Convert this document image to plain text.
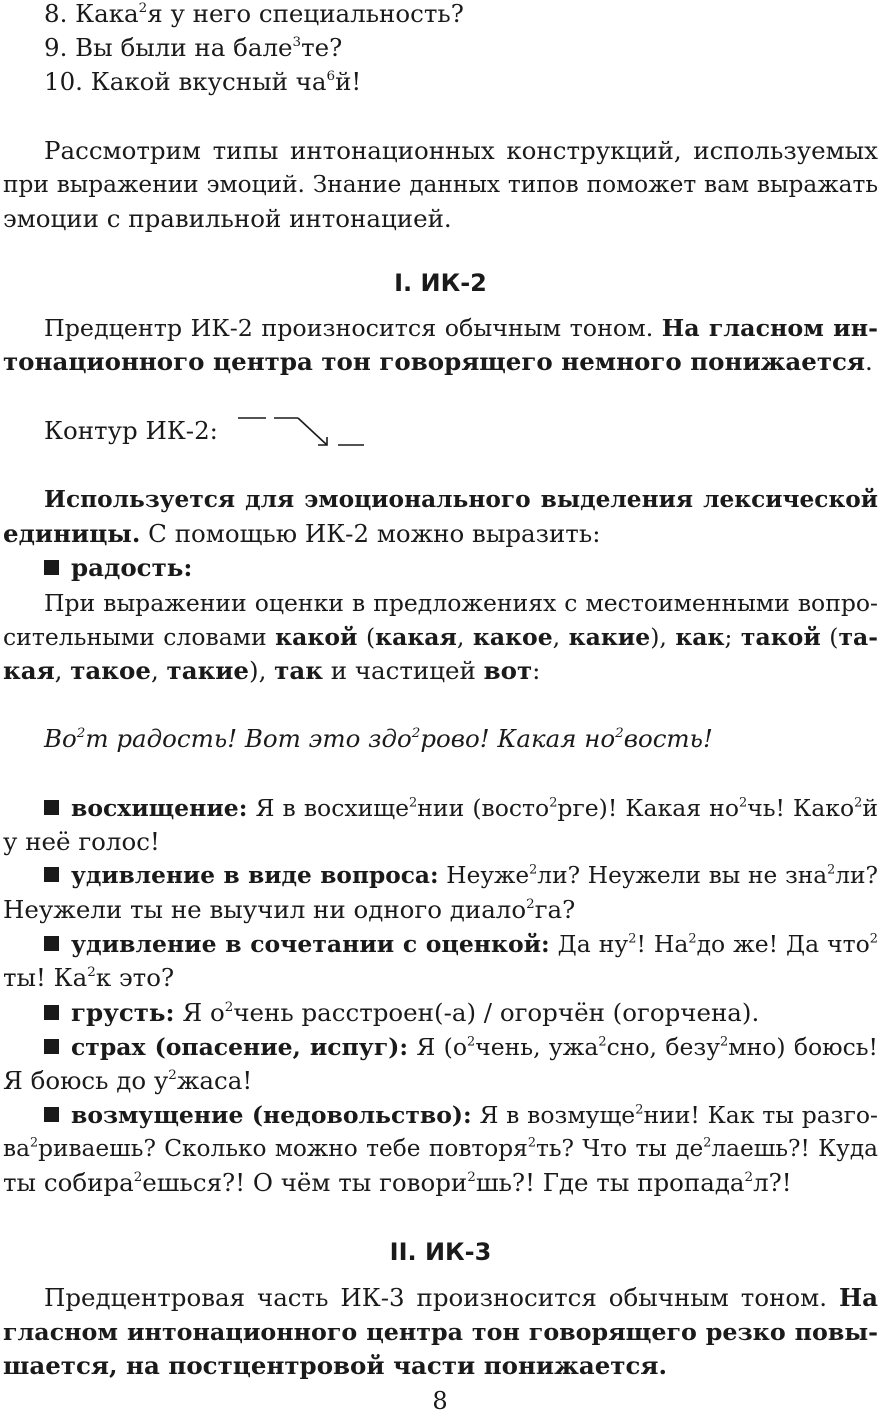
8. Кака$^2$я у него специальность?
9. Вы были на бале$^3$те?
10. Какой вкусный $ча^6й$!
Рассмотрим типы интонационных конструкций, используемых
при выражении эмоций. Знание данных типов поможет вам выражать
эмоции с правильной интонацией.
I. ИК-2
Предцентр ИК-2 произносится обычным тоном. На гласном ин-
тонационного центра тон говорящего немного понижается.
Контур ИК-2:
Используется для эмоционального выделения лексической
единицы. С помощью ИК-2 можно выразить:
радость:
При выражении оценки в предложениях с местоименными вопро-
сительными словами какой (какая, какое, какие), как; такой (та-
кая, такое, такие), так и частицей вот:
$Во^2т$ радость! Вот это здо$^2$рово! Какая $но^2вость$!
восхищение: Я в восхище$^2$нии (восто$^2$рге)! Какая $но^2чь$! Како$^2$й
у неё голос!
удивление в виде вопроса: Неуже$^2$ли? Неужели вы не зна$^2$ли?
Неужели ты не выучил ни одного диало$^2$га?
удивление в сочетании с оценкой: Да $ну^2$! $На^2до$ же! Да что$^2$
ты! $Ка^2к$ это?
грусть: Я $о^2чень$ расстроен(-а) / огорчён (огорчена).
страх (опасение, испуг): Я ($о^2чень$, ужа$^2$сно, безу$^2$мно) боюсь!
Я боюсь до $у^2жаса$!
возмущение (недовольство): Я в возмуще$^2$нии! Как ты разго-
$ва^2риваешь$? Сколько можно тебе повторя$^2$ть? Что ты $де^2лаешь$?! Куда
ты собира$^2$ешься?! О чём ты говори$^2$шь?! Где ты пропада$^2$л?!
II. ИК-3
Предцентровая часть ИК-3 произносится обычным тоном. На
гласном интонационного центра тон говорящего резко повы-
шается, на постцентровой части понижается.
8
